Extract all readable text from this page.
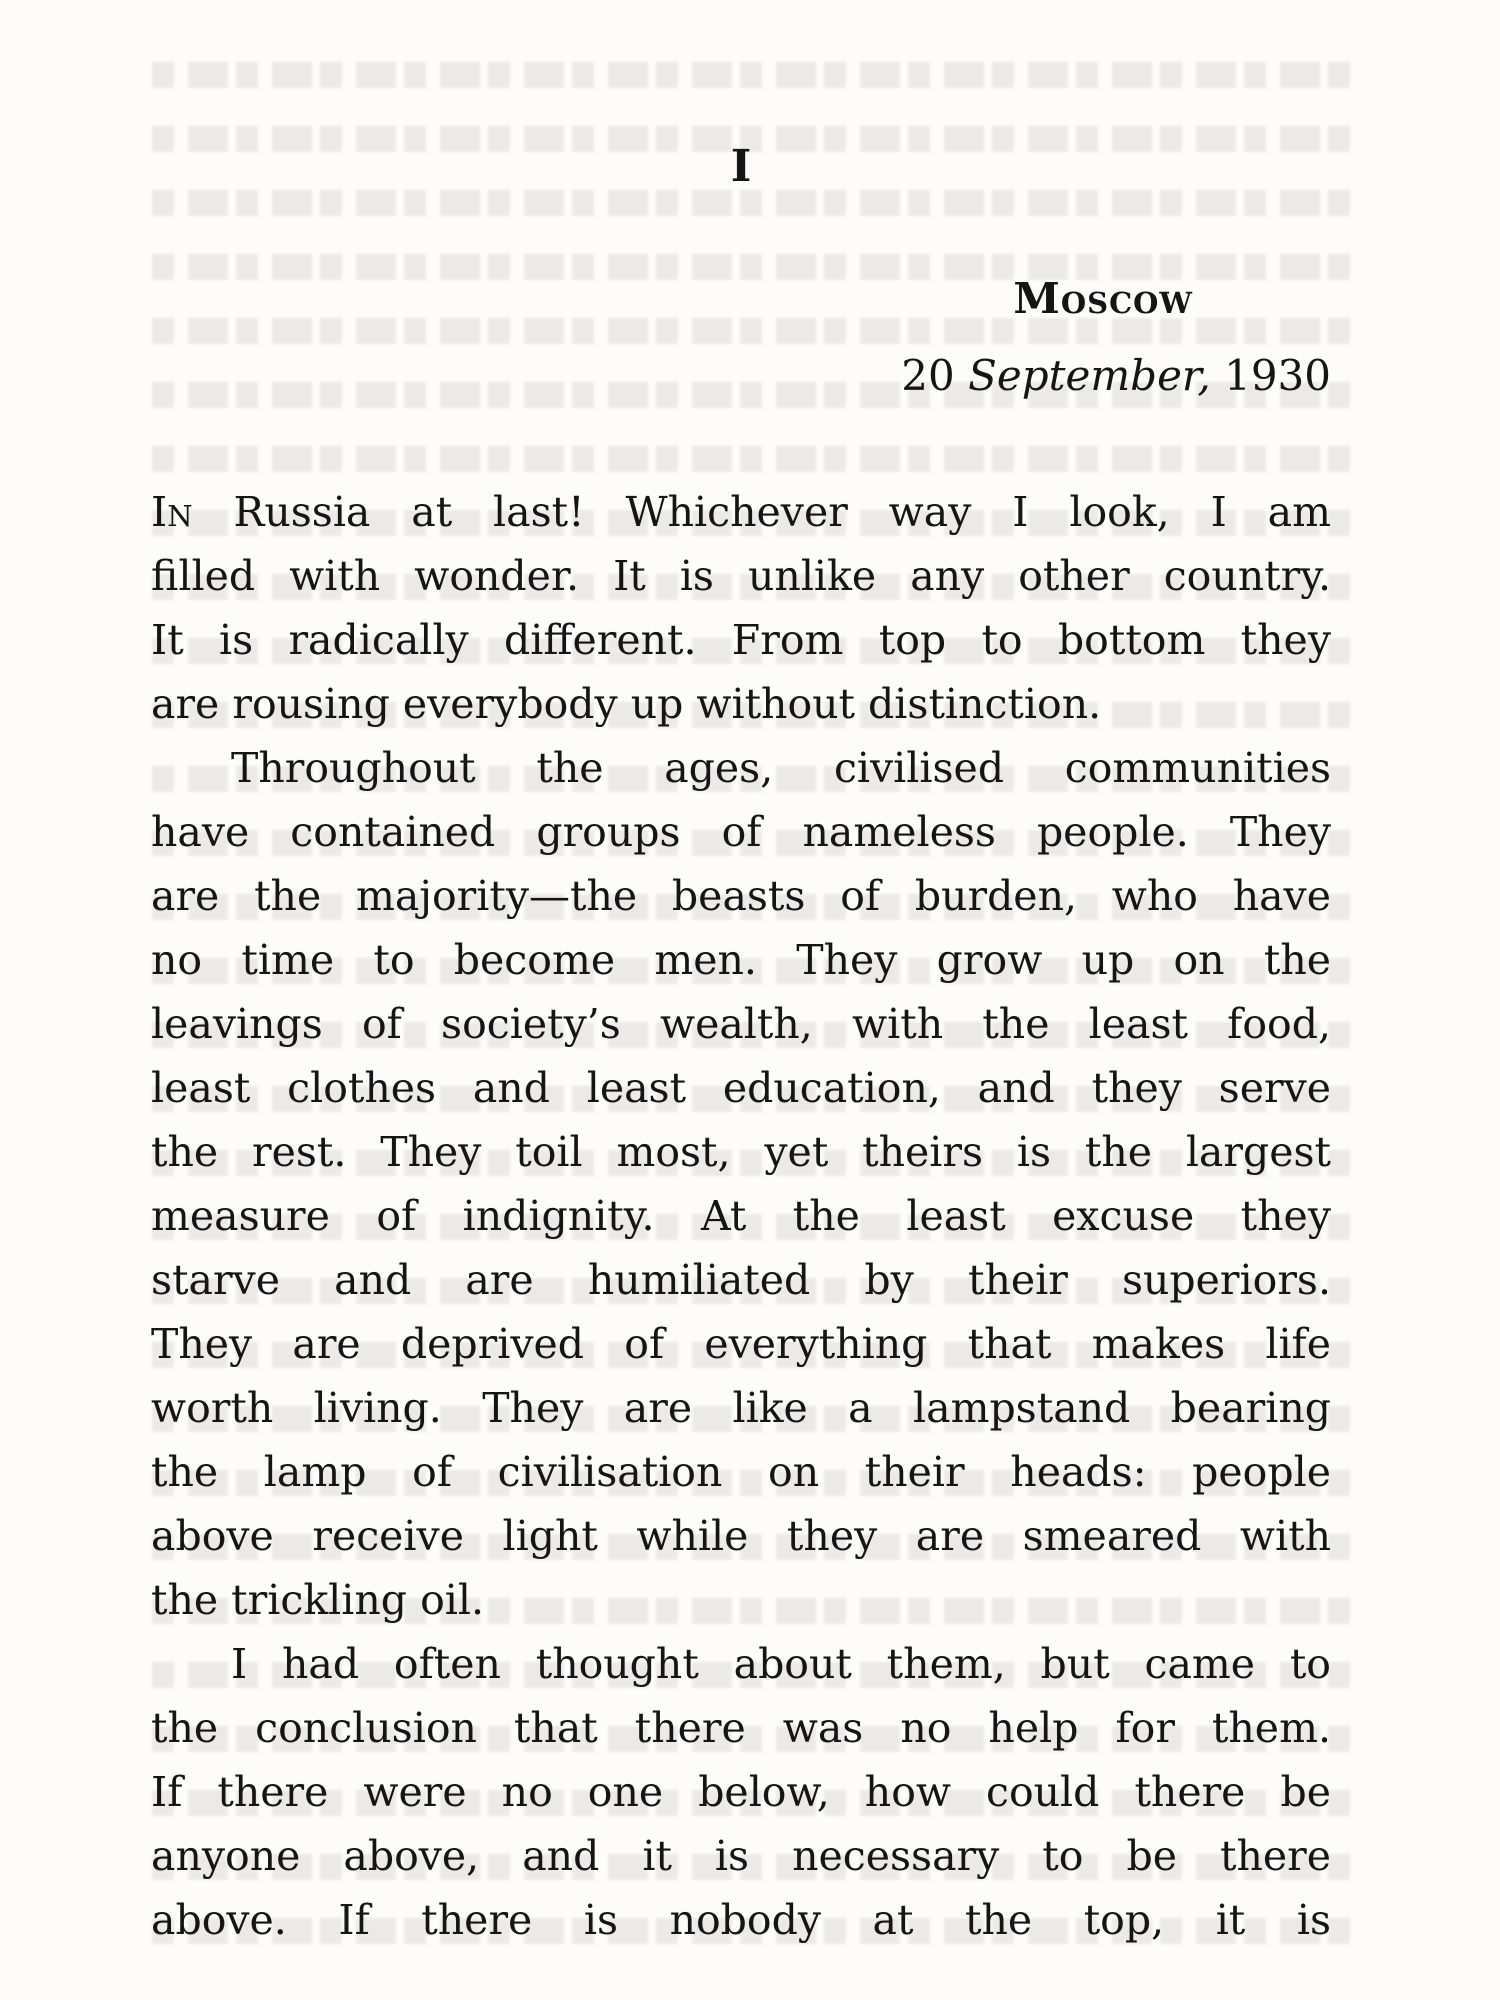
I
Moscow
20 September, 1930
In Russia at last! Whichever way I look, I am
filled with wonder. It is unlike any other country.
It is radically different. From top to bottom they
are rousing everybody up without distinction.
Throughout the ages, civilised communities
have contained groups of nameless people. They
are the majority—the beasts of burden, who have
no time to become men. They grow up on the
leavings of society’s wealth, with the least food,
least clothes and least education, and they serve
the rest. They toil most, yet theirs is the largest
measure of indignity. At the least excuse they
starve and are humiliated by their superiors.
They are deprived of everything that makes life
worth living. They are like a lampstand bearing
the lamp of civilisation on their heads: people
above receive light while they are smeared with
the trickling oil.
I had often thought about them, but came to
the conclusion that there was no help for them.
If there were no one below, how could there be
anyone above, and it is necessary to be there
above. If there is nobody at the top, it is
